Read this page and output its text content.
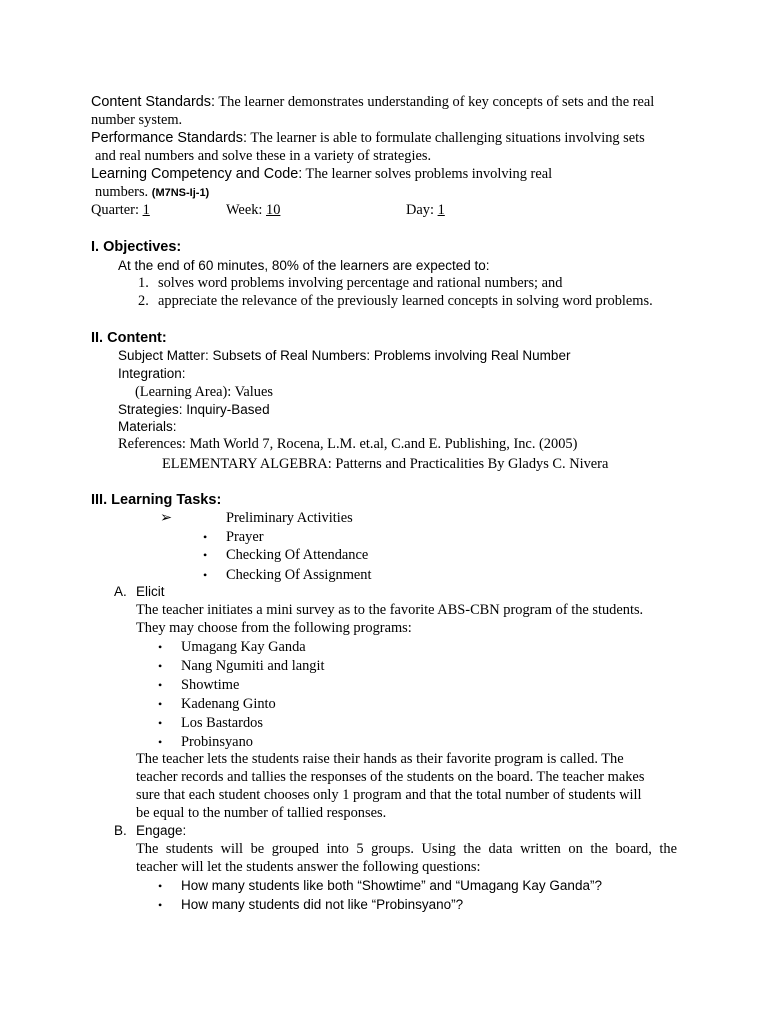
Content Standards: The learner demonstrates understanding of key concepts of sets and the real
number system.
Performance Standards: The learner is able to formulate challenging situations involving sets
and real numbers and solve these in a variety of strategies.
Learning Competency and Code: The learner solves problems involving real
numbers. (M7NS-Ij-1)
Quarter: 1	Week: 10	Day: 1
I. Objectives:
At the end of 60 minutes, 80% of the learners are expected to:
1. solves word problems involving percentage and rational numbers; and
2. appreciate the relevance of the previously learned concepts in solving word problems.
II. Content:
Subject Matter: Subsets of Real Numbers: Problems involving Real Number
Integration:
(Learning Area): Values
Strategies: Inquiry-Based
Materials:
References: Math World 7, Rocena, L.M. et.al, C.and E. Publishing, Inc. (2005)
ELEMENTARY ALGEBRA: Patterns and Practicalities By Gladys C. Nivera
III. Learning Tasks:
➢	Preliminary Activities
• Prayer
• Checking Of Attendance
• Checking Of Assignment
A. Elicit
The teacher initiates a mini survey as to the favorite ABS-CBN program of the students.
They may choose from the following programs:
• Umagang Kay Ganda
• Nang Ngumiti and langit
• Showtime
• Kadenang Ginto
• Los Bastardos
• Probinsyano
The teacher lets the students raise their hands as their favorite program is called. The
teacher records and tallies the responses of the students on the board. The teacher makes
sure that each student chooses only 1 program and that the total number of students will
be equal to the number of tallied responses.
B. Engage:
The students will be grouped into 5 groups. Using the data written on the board, the
teacher will let the students answer the following questions:
• How many students like both “Showtime” and “Umagang Kay Ganda”?
• How many students did not like “Probinsyano”?
